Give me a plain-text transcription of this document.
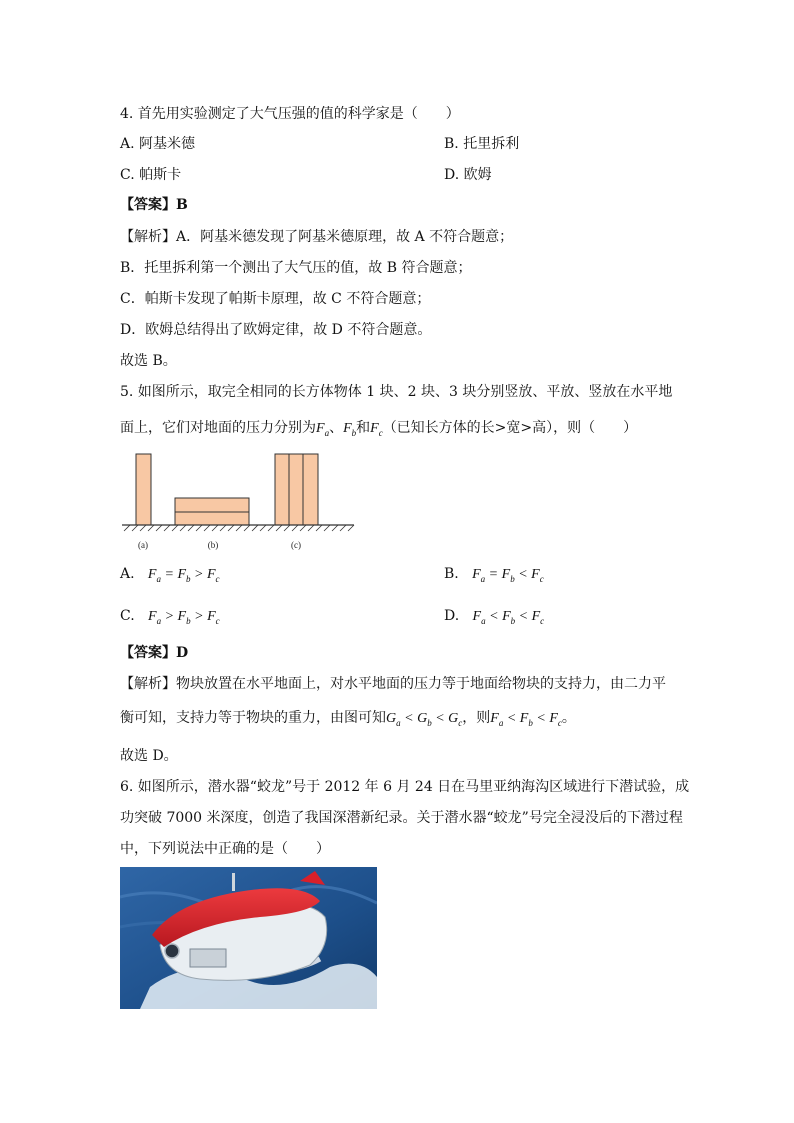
4. 首先用实验测定了大气压强的值的科学家是（　　）
A. 阿基米德	B. 托里拆利
C. 帕斯卡	D. 欧姆
【答案】B
【解析】A．阿基米德发现了阿基米德原理，故 A 不符合题意；
B．托里拆利第一个测出了大气压的值，故 B 符合题意；
C．帕斯卡发现了帕斯卡原理，故 C 不符合题意；
D．欧姆总结得出了欧姆定律，故 D 不符合题意。
故选 B。
5. 如图所示，取完全相同的长方体物体 1 块、2 块、3 块分别竖放、平放、竖放在水平地
面上，它们对地面的压力分别为$F_a$、$F_b$和$F_c$（已知长方体的长>宽>高），则（　　）
(a)	(b)	(c)
A. $F_a = F_b > F_c$	B. $F_a = F_b < F_c$
C. $F_a > F_b > F_c$	D. $F_a < F_b < F_c$
【答案】D
【解析】物块放置在水平地面上，对水平地面的压力等于地面给物块的支持力，由二力平
衡可知，支持力等于物块的重力，由图可知$G_a < G_b < G_c$，则$F_a < F_b < F_c$。
故选 D。
6. 如图所示，潜水器“蛟龙”号于 2012 年 6 月 24 日在马里亚纳海沟区域进行下潜试验，成
功突破 7000 米深度，创造了我国深潜新纪录。关于潜水器“蛟龙”号完全浸没后的下潜过程
中，下列说法中正确的是（　　）
